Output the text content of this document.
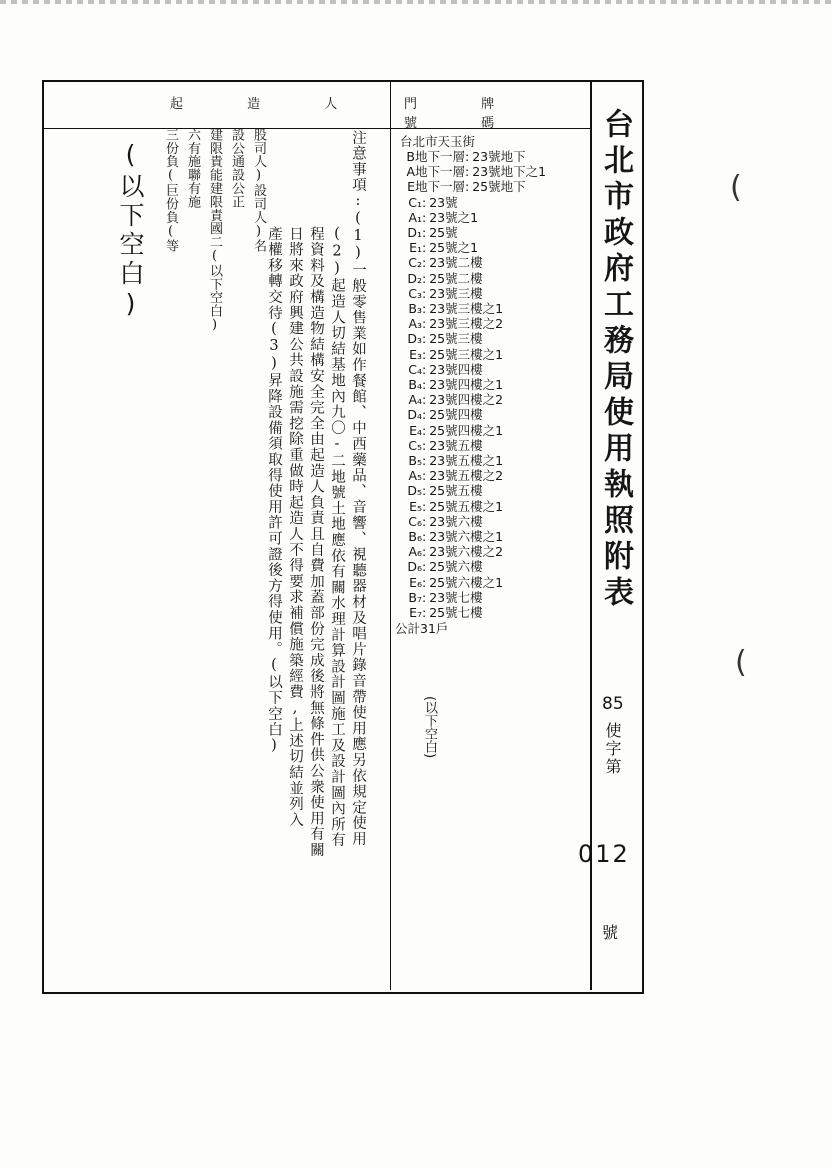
起 造 人	門 牌 號 碼	台北市政府工務局使用執照附表
股司人)設司人)名
設公通設公正
建限貴能建限責國二(以下空白)
六有施聯有施
三份負(巨份負(等
(以下空白)	注意事項:(1)一般零售業如作餐館、中西藥品、音響、視聽器材及唱片錄音帶使用應另依規定使用
(2)起造人切結基地內九〇-二地號土地應依有關水理計算設計圖施工及設計圖內所有
程資料及構造物結構安全完全由起造人負責且自費加蓋部份完成後將無條件供公衆使用有關
日將來政府興建公共設施需挖除重做時起造人不得要求補償施築經費,上述切結並列入
產權移轉交待(3)昇降設備須取得使用許可證後方得使用。(以下空白)
台北市天玉街
B地下一層: 23號地下
A地下一層: 23號地下之1
E地下一層: 25號地下
C₁: 23號
A₁: 23號之1
D₁: 25號
E₁: 25號之1
C₂: 23號二樓
D₂: 25號二樓
C₃: 23號三樓
B₃: 23號三樓之1
A₃: 23號三樓之2
D₃: 25號三樓
E₃: 25號三樓之1
C₄: 23號四樓
B₄: 23號四樓之1
A₄: 23號四樓之2
D₄: 25號四樓
E₄: 25號四樓之1
C₅: 23號五樓
B₅: 23號五樓之1
A₅: 23號五樓之2
D₅: 25號五樓
E₅: 25號五樓之1
C₆: 23號六樓
B₆: 23號六樓之1
A₆: 23號六樓之2
D₆: 25號六樓
E₆: 25號六樓之1
B₇: 23號七樓
E₇: 25號七樓
公計31戶
(以下空白)	85
使字第
012
號
(
(
